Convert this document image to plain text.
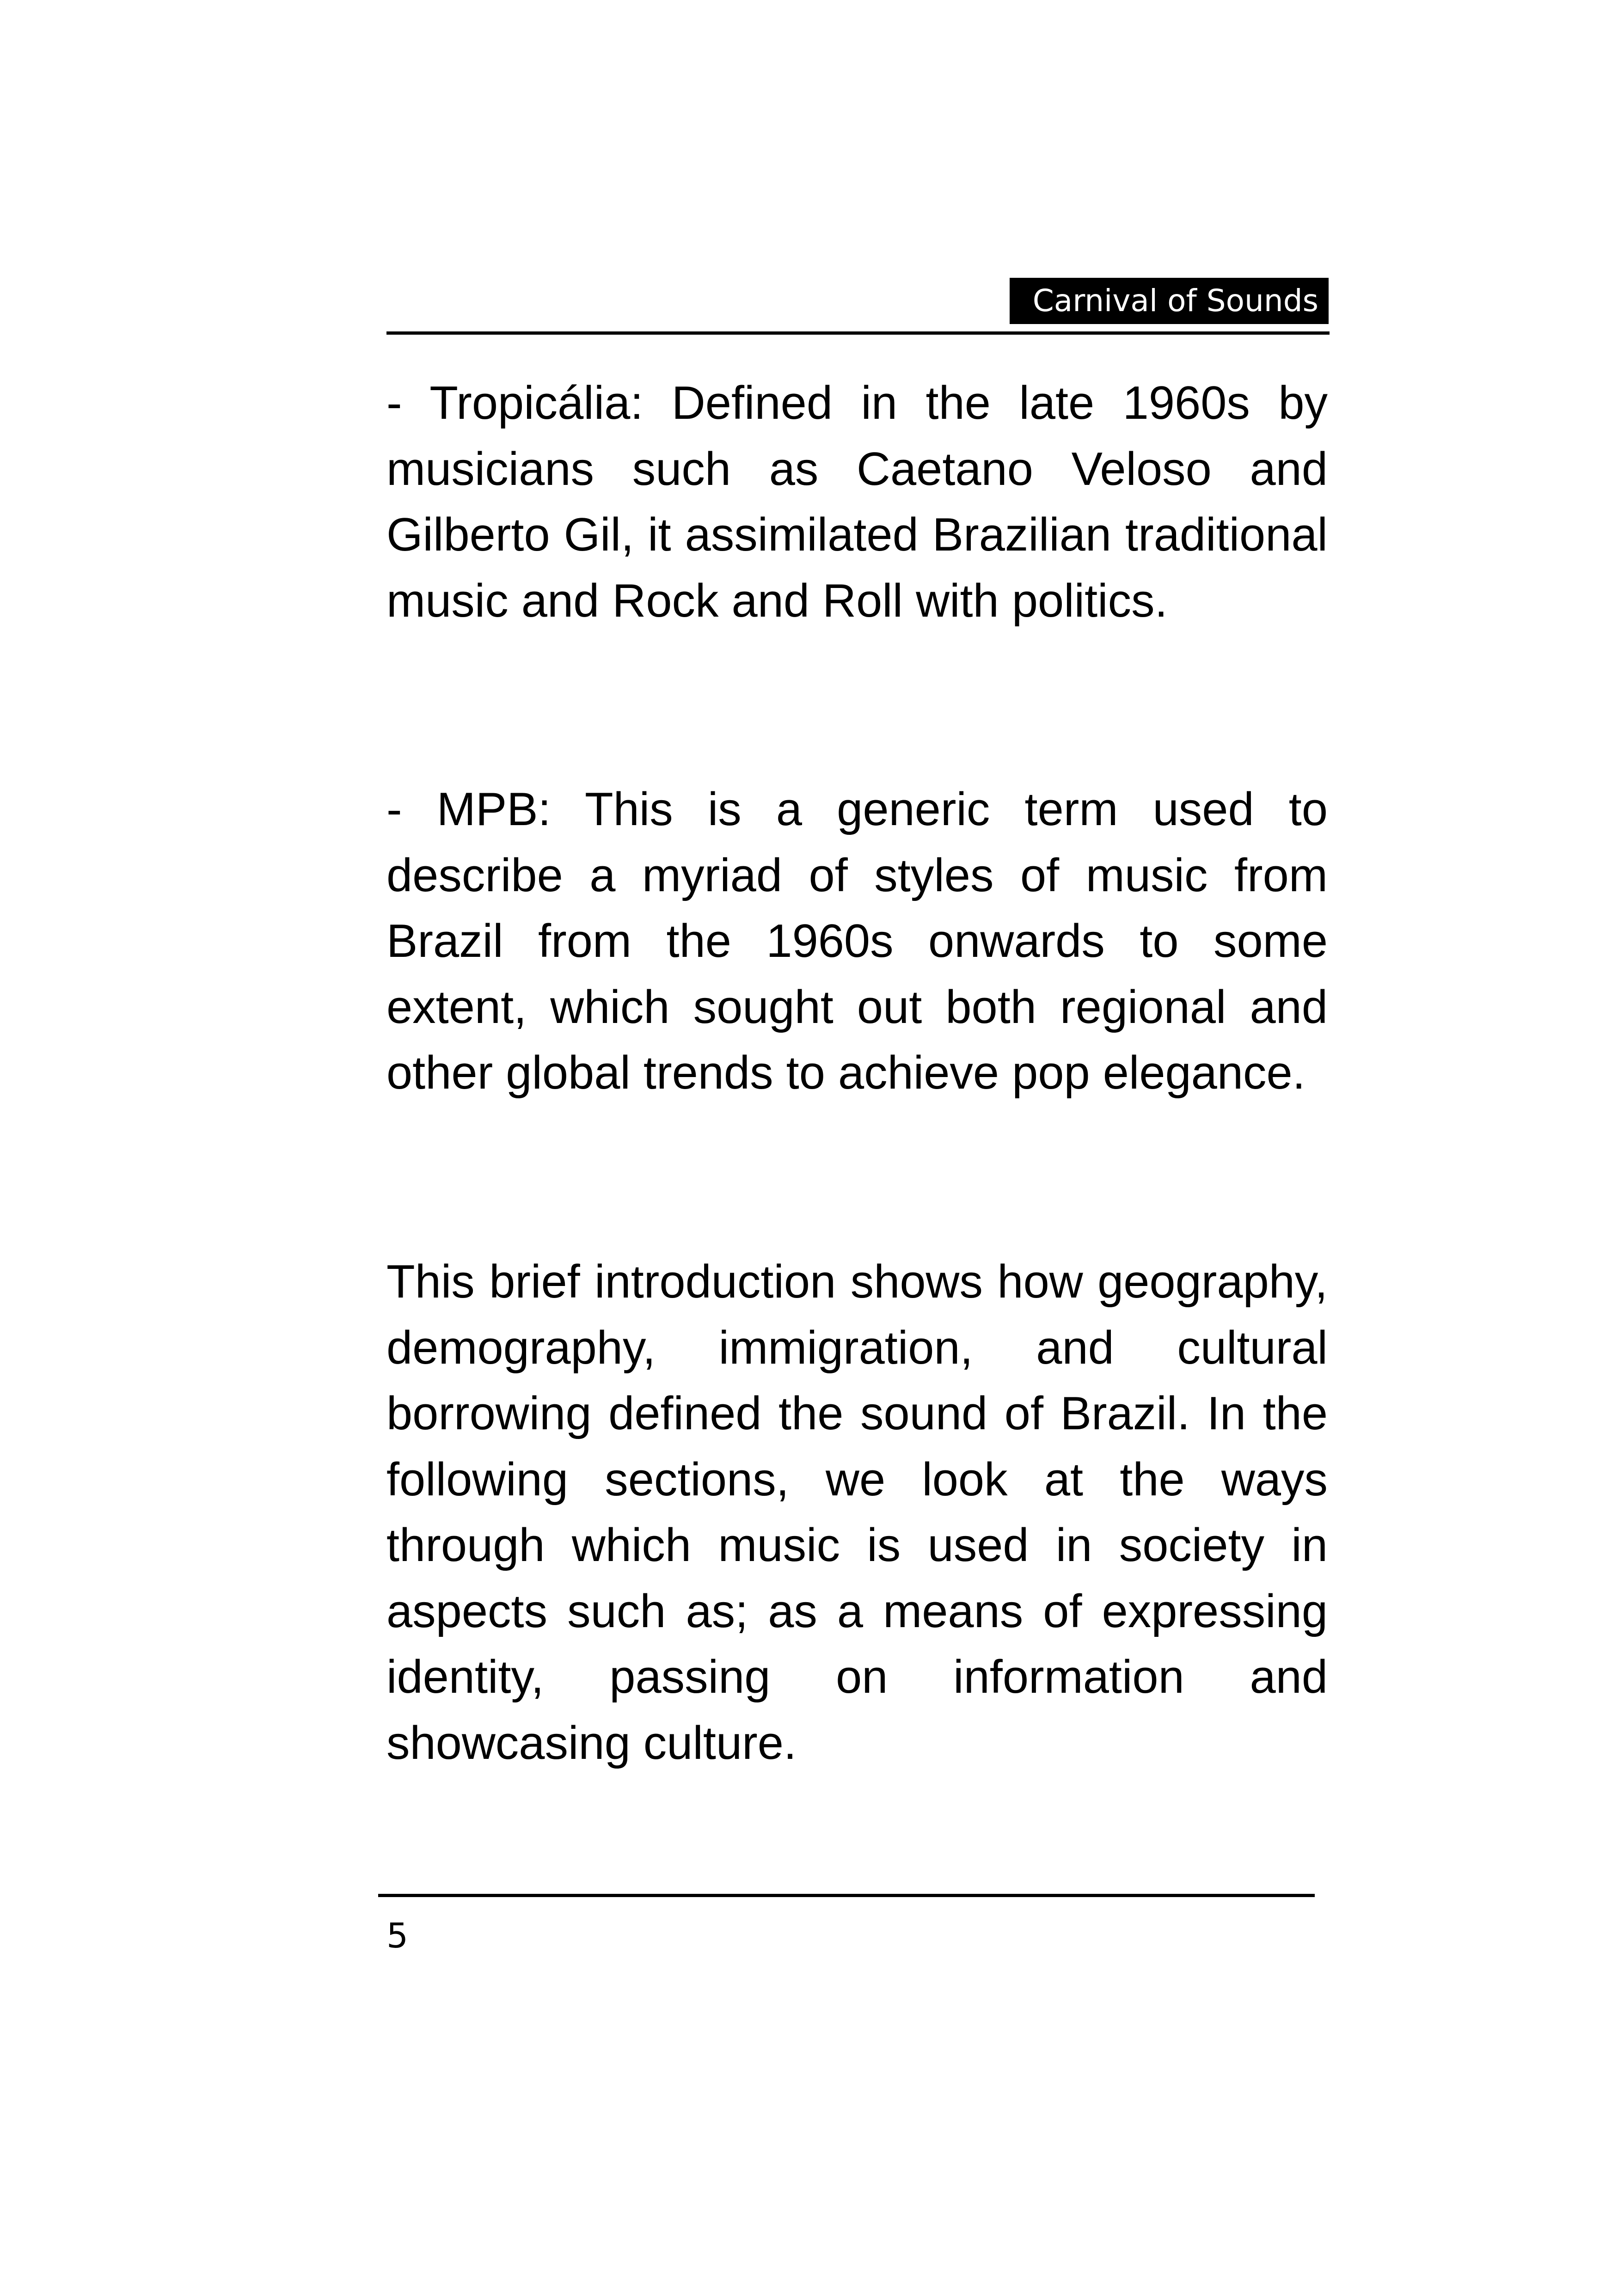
Carnival of Sounds

- Tropicália: Defined in the late 1960s by musicians such as Caetano Veloso and Gilberto Gil, it assimilated Brazilian traditional music and Rock and Roll with politics.

- MPB: This is a generic term used to describe a myriad of styles of music from Brazil from the 1960s onwards to some extent, which sought out both regional and other global trends to achieve pop elegance.

This brief introduction shows how geography, demography, immigration, and cultural borrowing defined the sound of Brazil. In the following sections, we look at the ways through which music is used in society in aspects such as; as a means of expressing identity, passing on information and showcasing culture.

5
